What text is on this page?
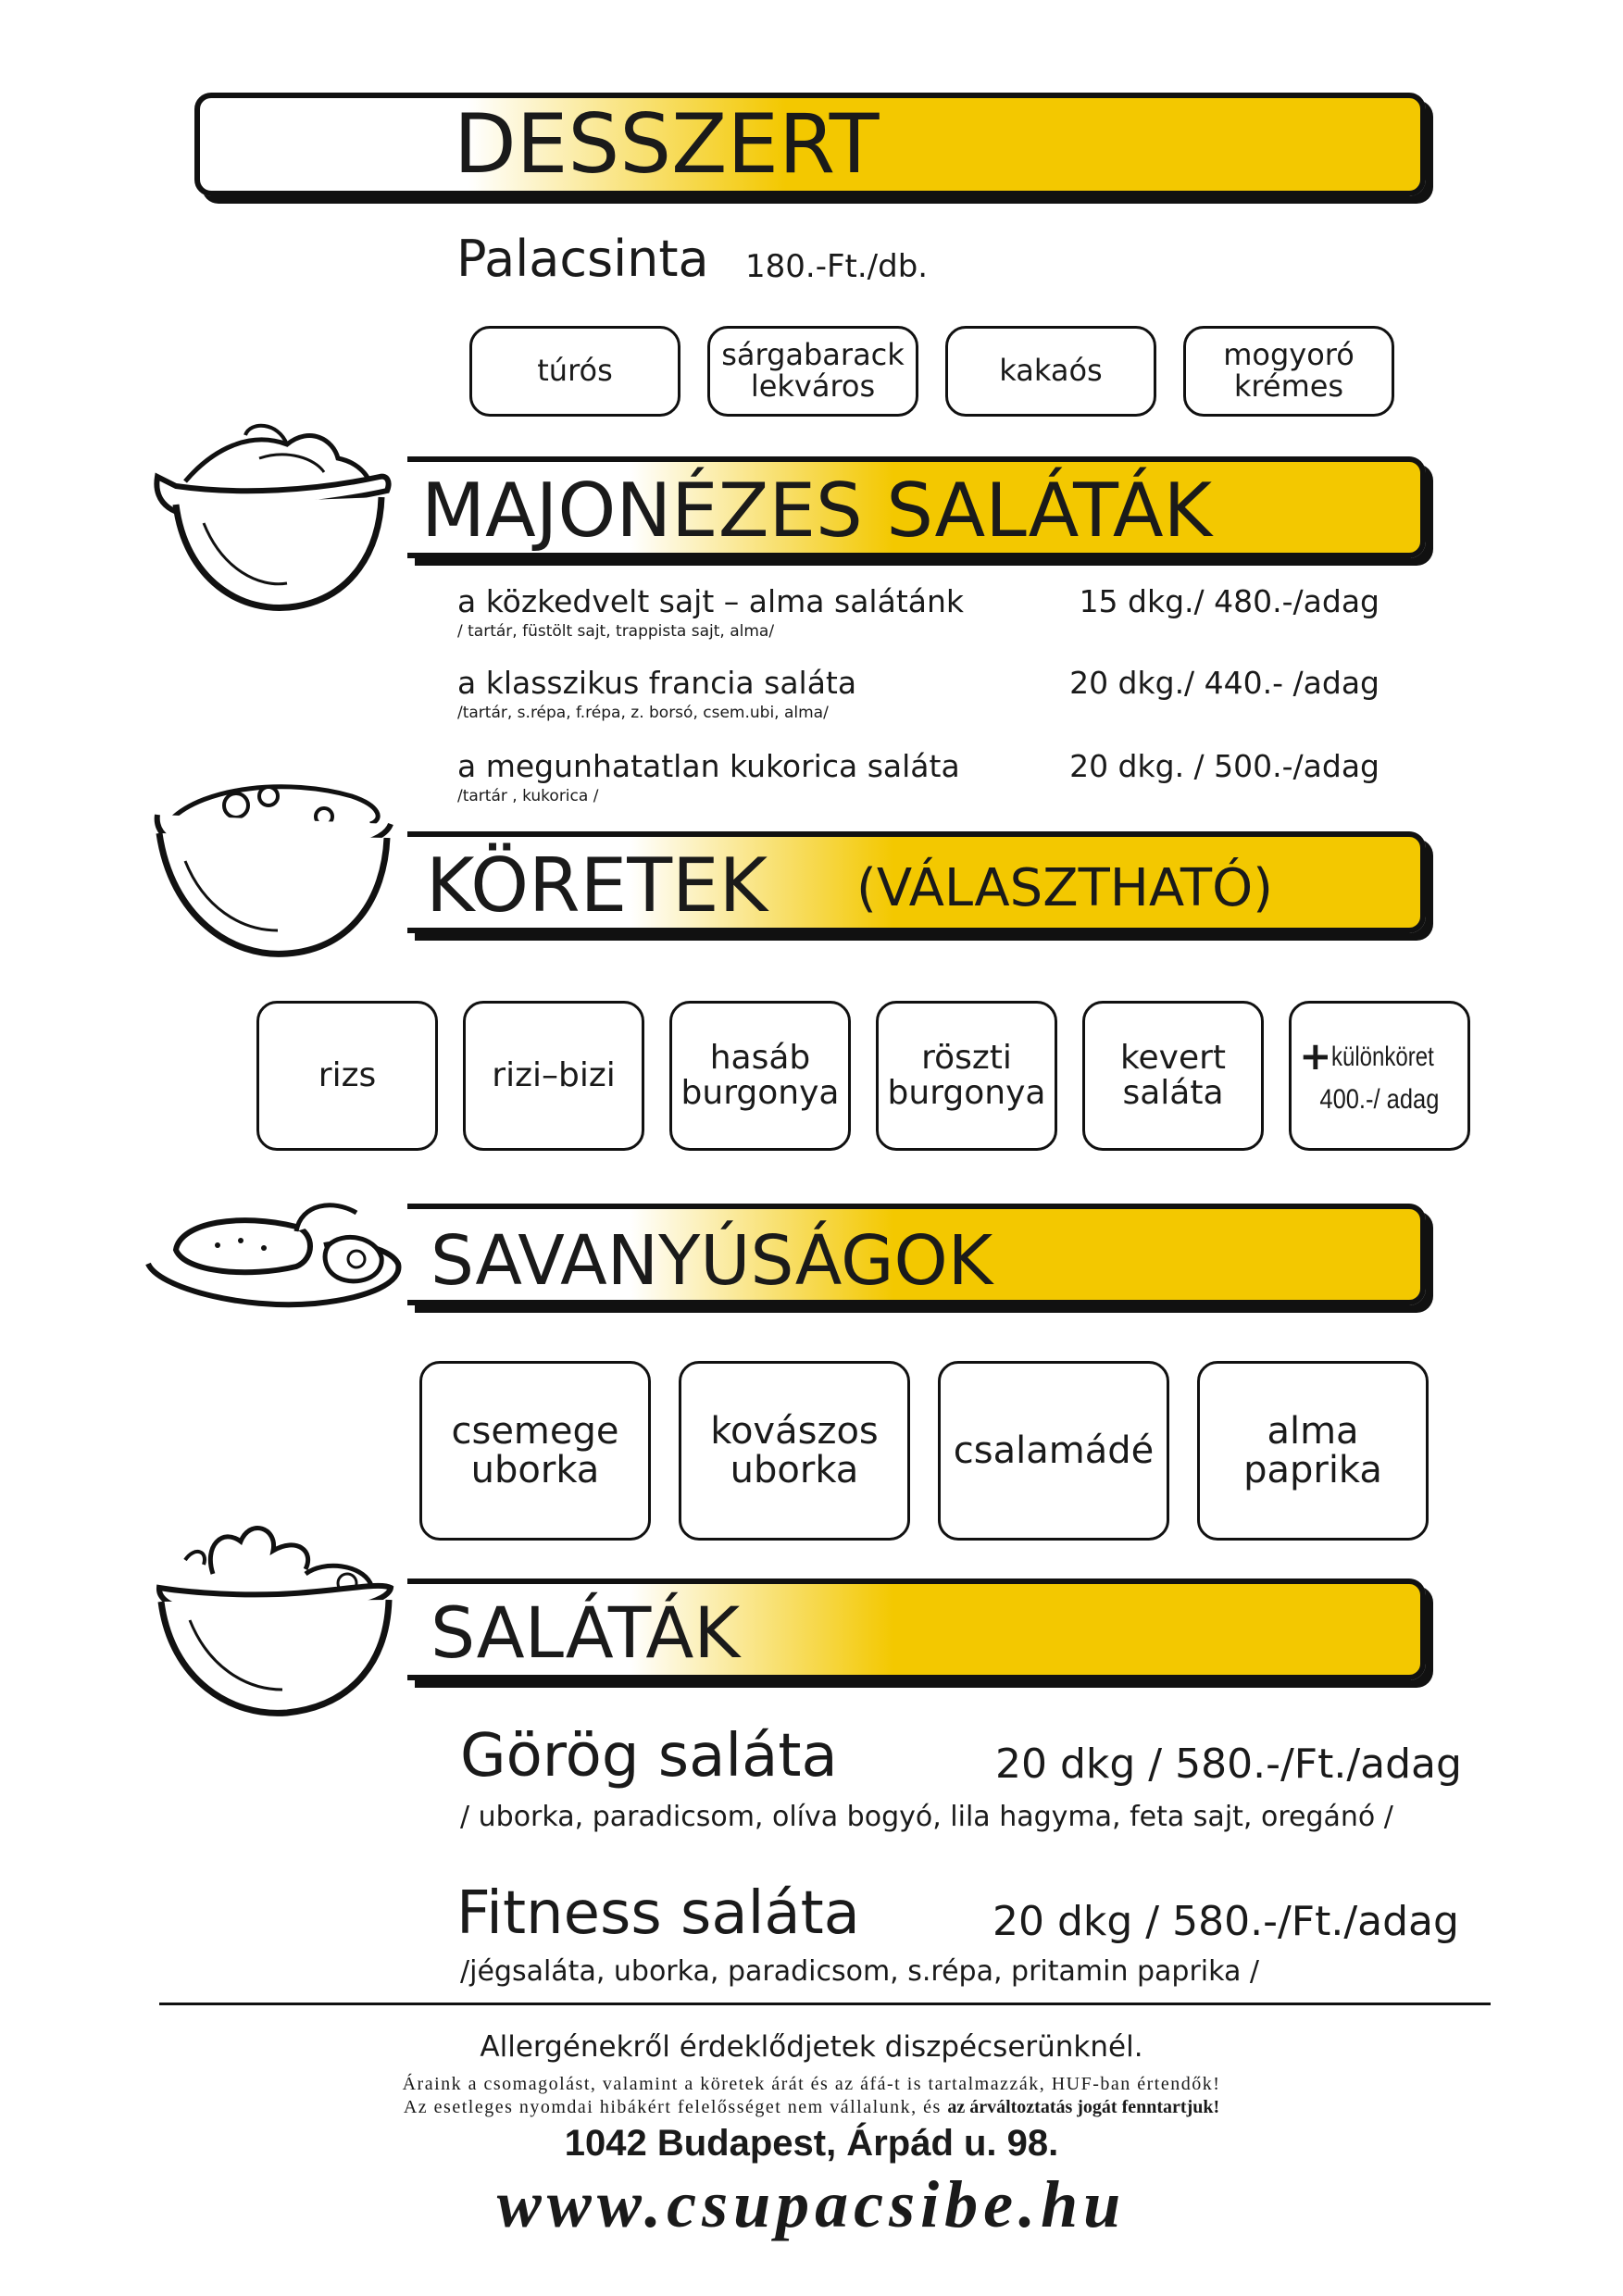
DESSZERT
Palacsinta 180.-Ft./db.
túrós	sárgabarack
lekváros	kakaós	mogyoró
krémes
MAJONÉZES SALÁTÁK
a közkedvelt sajt – alma salátánk	15 dkg./ 480.-/adag
/ tartár, füstölt sajt, trappista sajt, alma/
a klasszikus francia saláta	20 dkg./ 440.- /adag
/tartár, s.répa, f.répa, z. borsó, csem.ubi, alma/
a megunhatatlan kukorica saláta	20 dkg. / 500.-/adag
/tartár , kukorica /
KÖRETEK (VÁLASZTHATÓ)
rizs	rizi–bizi	hasáb
burgonya
röszti
burgonya
kevert
saláta
+ különköret
400.-/ adag
SAVANYÚSÁGOK
csemege
uborka
kovászos
uborka	csalamádé	alma
paprika
SALÁTÁK
Görög saláta	20 dkg / 580.-/Ft./adag
/ uborka, paradicsom, olíva bogyó, lila hagyma, feta sajt, oregánó /
Fitness saláta	20 dkg / 580.-/Ft./adag
/jégsaláta, uborka, paradicsom, s.répa, pritamin paprika /
Allergénekről érdeklődjetek diszpécserünknél.
Áraink a csomagolást, valamint a köretek árát és az áfá-t is tartalmazzák, HUF-ban értendők!
Az esetleges nyomdai hibákért felelősséget nem vállalunk, és az árváltoztatás jogát fenntartjuk!
1042 Budapest, Árpád u. 98.
www.csupacsibe.hu
